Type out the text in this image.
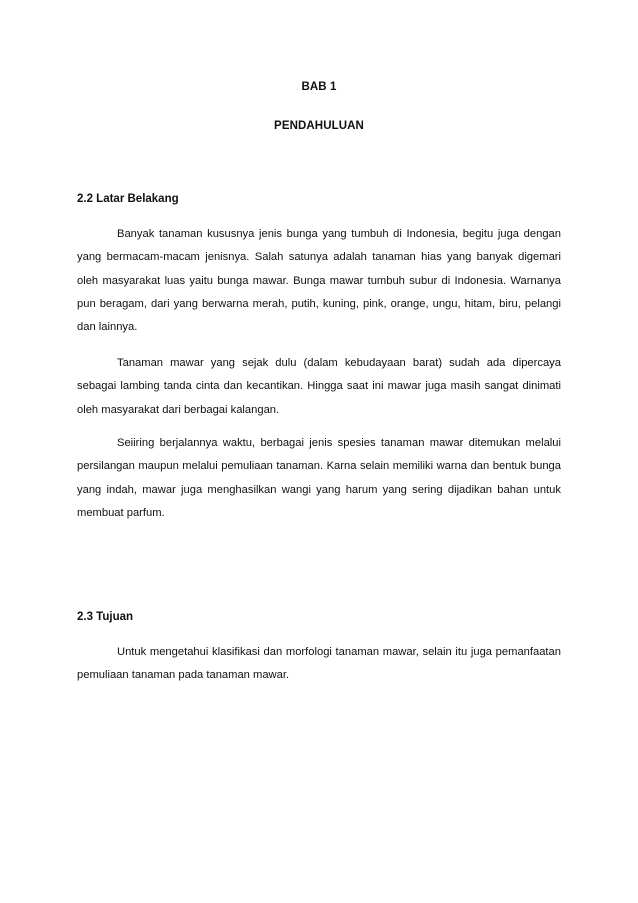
BAB 1
PENDAHULUAN
2.2 Latar Belakang

Banyak tanaman kususnya jenis bunga yang tumbuh di Indonesia, begitu juga dengan yang bermacam-macam jenisnya. Salah satunya adalah tanaman hias yang banyak digemari oleh masyarakat luas yaitu bunga mawar. Bunga mawar tumbuh subur di Indonesia. Warnanya pun beragam, dari yang berwarna merah, putih, kuning, pink, orange, ungu, hitam, biru, pelangi dan lainnya.

Tanaman mawar yang sejak dulu (dalam kebudayaan barat) sudah ada dipercaya sebagai lambing tanda cinta dan kecantikan. Hingga saat ini mawar juga masih sangat dinimati oleh masyarakat dari berbagai kalangan.

Seiiring berjalannya waktu, berbagai jenis spesies tanaman mawar ditemukan melalui persilangan maupun melalui pemuliaan tanaman. Karna selain memiliki warna dan bentuk bunga yang indah, mawar juga menghasilkan wangi yang harum yang sering dijadikan bahan untuk membuat parfum.

2.3 Tujuan

Untuk mengetahui klasifikasi dan morfologi tanaman mawar, selain itu juga pemanfaatan pemuliaan tanaman pada tanaman mawar.
